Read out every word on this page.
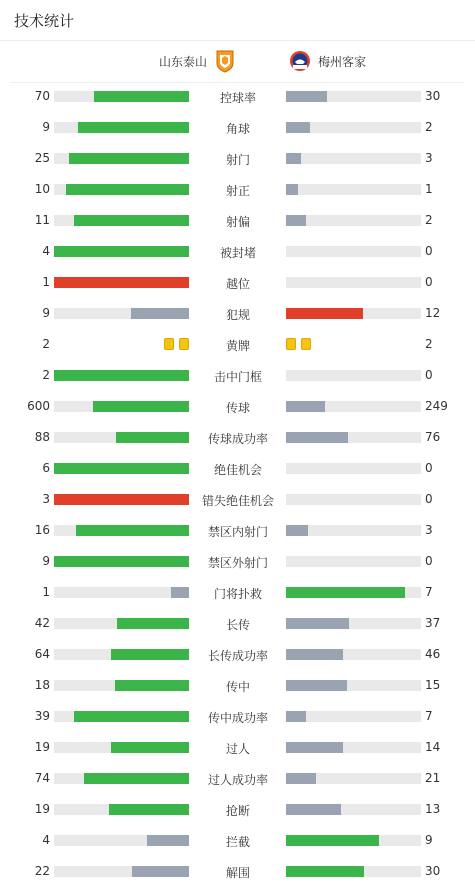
技术统计
山东泰山	梅州客家
70	控球率	30
9	角球	2
25	射门	3
10	射正	1
11	射偏	2
4	被封堵	0
1	越位	0
9	犯规	12
2	黄牌	2
2	击中门框	0
600	传球	249
88	传球成功率	76
6	绝佳机会	0
3	错失绝佳机会	0
16	禁区内射门	3
9	禁区外射门	0
1	门将扑救	7
42	长传	37
64	长传成功率	46
18	传中	15
39	传中成功率	7
19	过人	14
74	过人成功率	21
19	抢断	13
4	拦截	9
22	解围	30
